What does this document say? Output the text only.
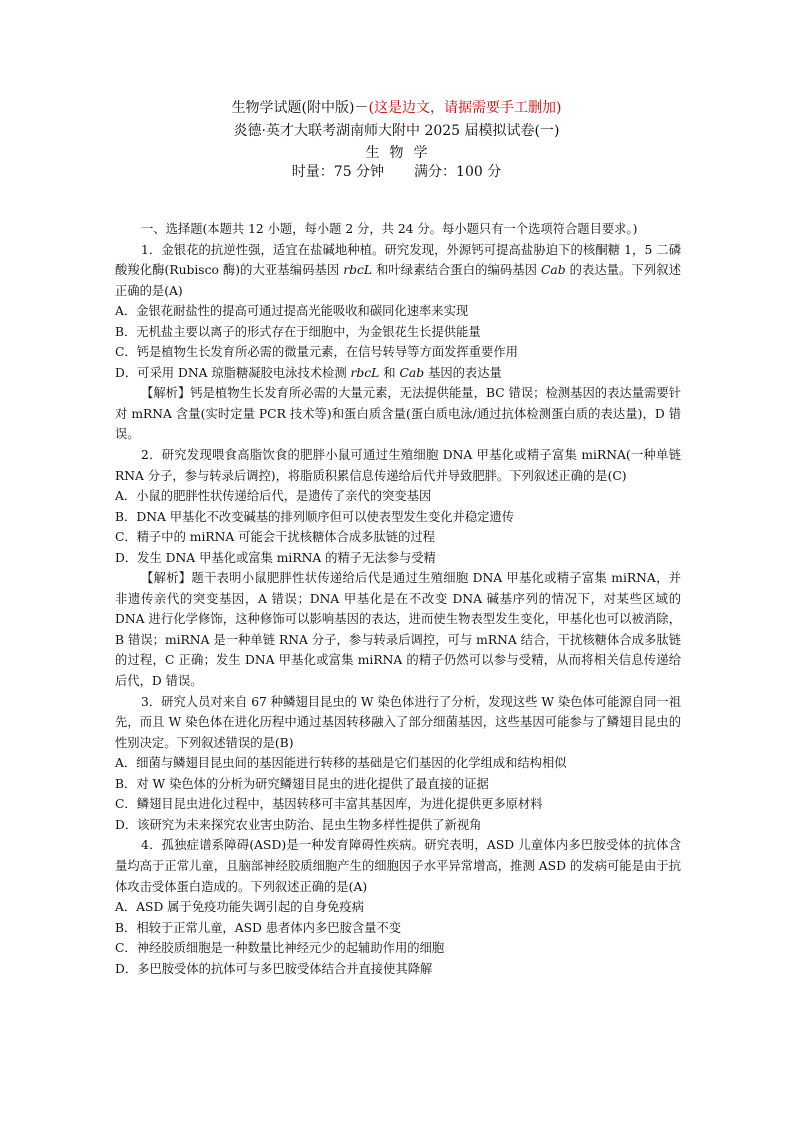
生物学试题(附中版)－(这是边文，请据需要手工删加)
炎德·英才大联考湖南师大附中 2025 届模拟试卷(一)
生物学
时量：75 分钟 满分：100 分

一、选择题(本题共 12 小题，每小题 2 分，共 24 分。每小题只有一个选项符合题目要求。)

1．金银花的抗逆性强，适宜在盐碱地种植。研究发现，外源钙可提高盐胁迫下的核酮糖 1，5 二磷酸羧化酶(Rubisco 酶)的大亚基编码基因 rbcL 和叶绿素结合蛋白的编码基因 Cab 的表达量。下列叙述正确的是(A)

A．金银花耐盐性的提高可通过提高光能吸收和碳同化速率来实现

B．无机盐主要以离子的形式存在于细胞中，为金银花生长提供能量

C．钙是植物生长发育所必需的微量元素，在信号转导等方面发挥重要作用

D．可采用 DNA 琼脂糖凝胶电泳技术检测 rbcL 和 Cab 基因的表达量

【解析】钙是植物生长发育所必需的大量元素，无法提供能量，BC 错误；检测基因的表达量需要针对 mRNA 含量(实时定量 PCR 技术等)和蛋白质含量(蛋白质电泳/通过抗体检测蛋白质的表达量)，D 错误。

2．研究发现喂食高脂饮食的肥胖小鼠可通过生殖细胞 DNA 甲基化或精子富集 miRNA(一种单链 RNA 分子，参与转录后调控)，将脂质积累信息传递给后代并导致肥胖。下列叙述正确的是(C)

A．小鼠的肥胖性状传递给后代，是遗传了亲代的突变基因

B．DNA 甲基化不改变碱基的排列顺序但可以使表型发生变化并稳定遗传

C．精子中的 miRNA 可能会干扰核糖体合成多肽链的过程

D．发生 DNA 甲基化或富集 miRNA 的精子无法参与受精

【解析】题干表明小鼠肥胖性状传递给后代是通过生殖细胞 DNA 甲基化或精子富集 miRNA，并非遗传亲代的突变基因，A 错误；DNA 甲基化是在不改变 DNA 碱基序列的情况下，对某些区域的 DNA 进行化学修饰，这种修饰可以影响基因的表达，进而使生物表型发生变化，甲基化也可以被消除，B 错误；miRNA 是一种单链 RNA 分子，参与转录后调控，可与 mRNA 结合，干扰核糖体合成多肽链的过程，C 正确；发生 DNA 甲基化或富集 miRNA 的精子仍然可以参与受精，从而将相关信息传递给后代，D 错误。

3．研究人员对来自 67 种鳞翅目昆虫的 W 染色体进行了分析，发现这些 W 染色体可能源自同一祖先，而且 W 染色体在进化历程中通过基因转移融入了部分细菌基因，这些基因可能参与了鳞翅目昆虫的性别决定。下列叙述错误的是(B)

A．细菌与鳞翅目昆虫间的基因能进行转移的基础是它们基因的化学组成和结构相似

B．对 W 染色体的分析为研究鳞翅目昆虫的进化提供了最直接的证据

C．鳞翅目昆虫进化过程中，基因转移可丰富其基因库，为进化提供更多原材料

D．该研究为未来探究农业害虫防治、昆虫生物多样性提供了新视角

4．孤独症谱系障碍(ASD)是一种发育障碍性疾病。研究表明，ASD 儿童体内多巴胺受体的抗体含量均高于正常儿童，且脑部神经胶质细胞产生的细胞因子水平异常增高，推测 ASD 的发病可能是由于抗体攻击受体蛋白造成的。下列叙述正确的是(A)

A．ASD 属于免疫功能失调引起的自身免疫病

B．相较于正常儿童，ASD 患者体内多巴胺含量不变

C．神经胶质细胞是一种数量比神经元少的起辅助作用的细胞

D．多巴胺受体的抗体可与多巴胺受体结合并直接使其降解
